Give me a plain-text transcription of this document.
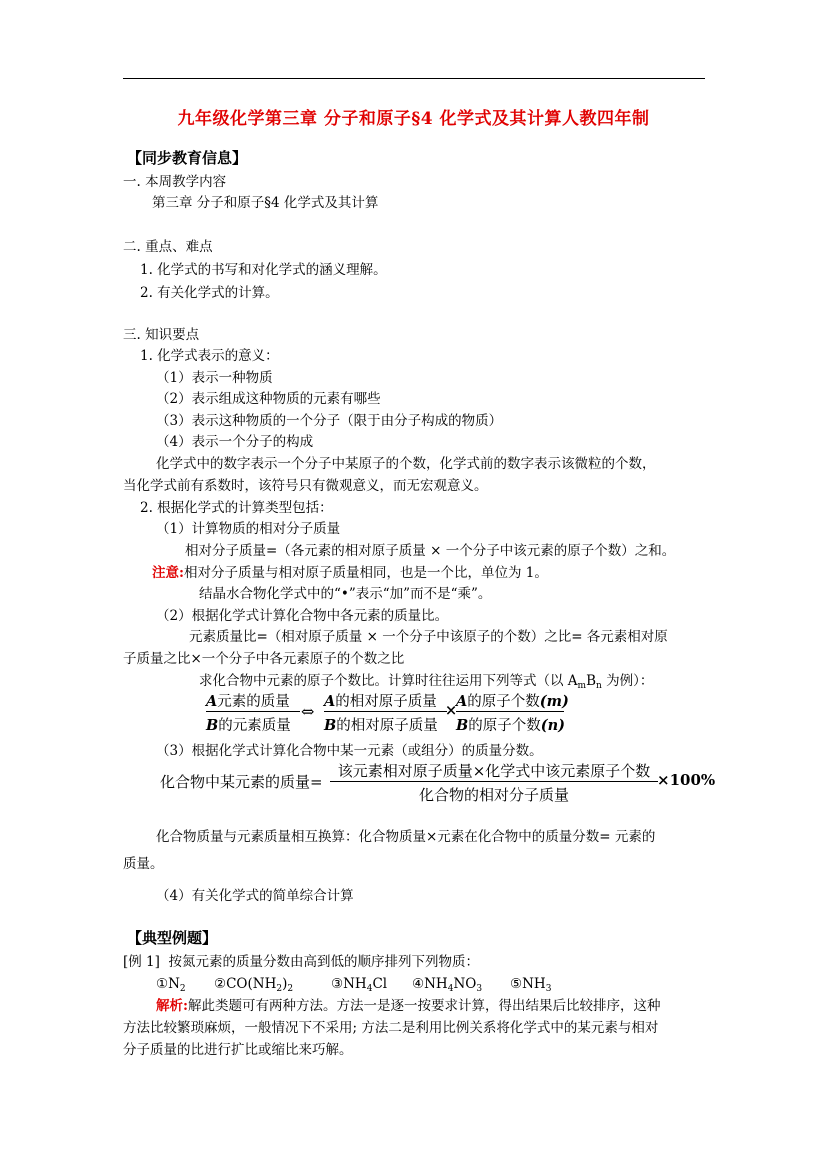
九年级化学第三章 分子和原子§4 化学式及其计算人教四年制
【同步教育信息】
一. 本周教学内容
第三章 分子和原子§4 化学式及其计算
二. 重点、难点
1. 化学式的书写和对化学式的涵义理解。
2. 有关化学式的计算。
三. 知识要点
1. 化学式表示的意义：
（1）表示一种物质
（2）表示组成这种物质的元素有哪些
（3）表示这种物质的一个分子（限于由分子构成的物质）
（4）表示一个分子的构成
化学式中的数字表示一个分子中某原子的个数，化学式前的数字表示该微粒的个数，
当化学式前有系数时，该符号只有微观意义，而无宏观意义。
2. 根据化学式的计算类型包括：
（1）计算物质的相对分子质量
相对分子质量=（各元素的相对原子质量 × 一个分子中该元素的原子个数）之和。
注意:相对分子质量与相对原子质量相同，也是一个比，单位为 1。
结晶水合物化学式中的“•”表示“加”而不是“乘”。
（2）根据化学式计算化合物中各元素的质量比。
元素质量比=（相对原子质量 × 一个分子中该原子的个数）之比= 各元素相对原
子质量之比×一个分子中各元素原子的个数之比
求化合物中元素的原子个数比。计算时往往运用下列等式（以 $A_mB_n$ 为例）：
A元素的质量
B的元素质量
⇔
A的相对原子质量
B的相对原子质量
×
A的原子个数(m)
B的原子个数(n)
（3）根据化学式计算化合物中某一元素（或组分）的质量分数。
化合物中某元素的质量=
该元素相对原子质量×化学式中该元素原子个数
化合物的相对分子质量
×100%
化合物质量与元素质量相互换算：化合物质量×元素在化合物中的质量分数= 元素的
质量。
（4）有关化学式的简单综合计算
【典型例题】
[例 1] 按氮元素的质量分数由高到低的顺序排列下列物质：
$①N_2$ $②CO(NH_2)_2$	$③NH_4Cl$ $④NH_4NO_3$ $⑤NH_3$
解析:解此类题可有两种方法。方法一是逐一按要求计算，得出结果后比较排序，这种
方法比较繁琐麻烦，一般情况下不采用; 方法二是利用比例关系将化学式中的某元素与相对
分子质量的比进行扩比或缩比来巧解。
